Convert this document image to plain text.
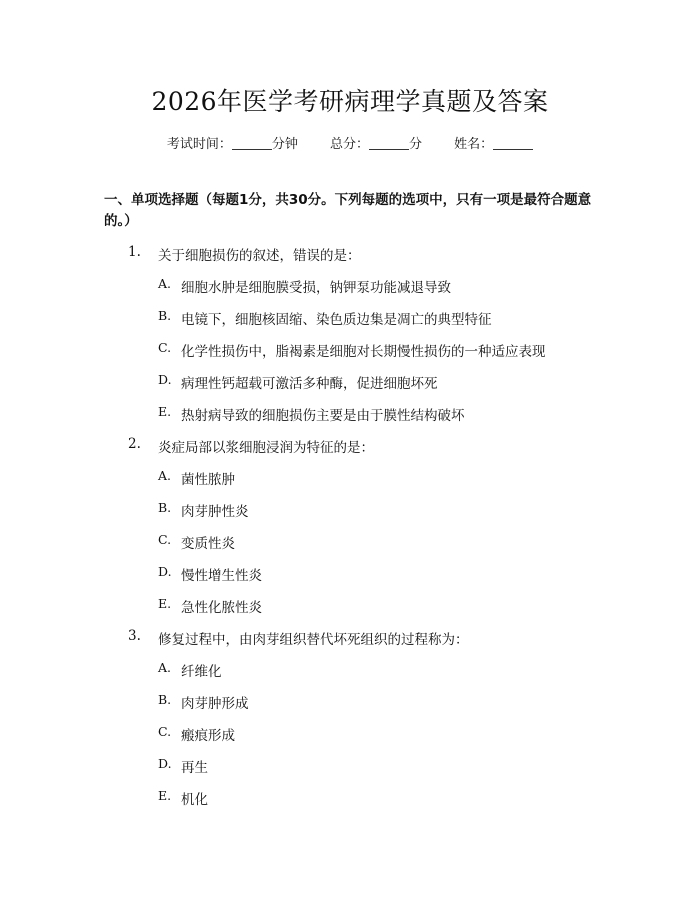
2026年医学考研病理学真题及答案
考试时间：	分钟 总分：	分 姓名：
一、单项选择题（每题1分，共30分。下列每题的选项中，只有一项是最符合题意的。）
1. 关于细胞损伤的叙述，错误的是：
A. 细胞水肿是细胞膜受损，钠钾泵功能减退导致
B. 电镜下，细胞核固缩、染色质边集是凋亡的典型特征
C. 化学性损伤中，脂褐素是细胞对长期慢性损伤的一种适应表现
D. 病理性钙超载可激活多种酶，促进细胞坏死
E. 热射病导致的细胞损伤主要是由于膜性结构破坏
2. 炎症局部以浆细胞浸润为特征的是：
A. 菌性脓肿
B. 肉芽肿性炎
C. 变质性炎
D. 慢性增生性炎
E. 急性化脓性炎
3. 修复过程中，由肉芽组织替代坏死组织的过程称为：
A. 纤维化
B. 肉芽肿形成
C. 瘢痕形成
D. 再生
E. 机化
